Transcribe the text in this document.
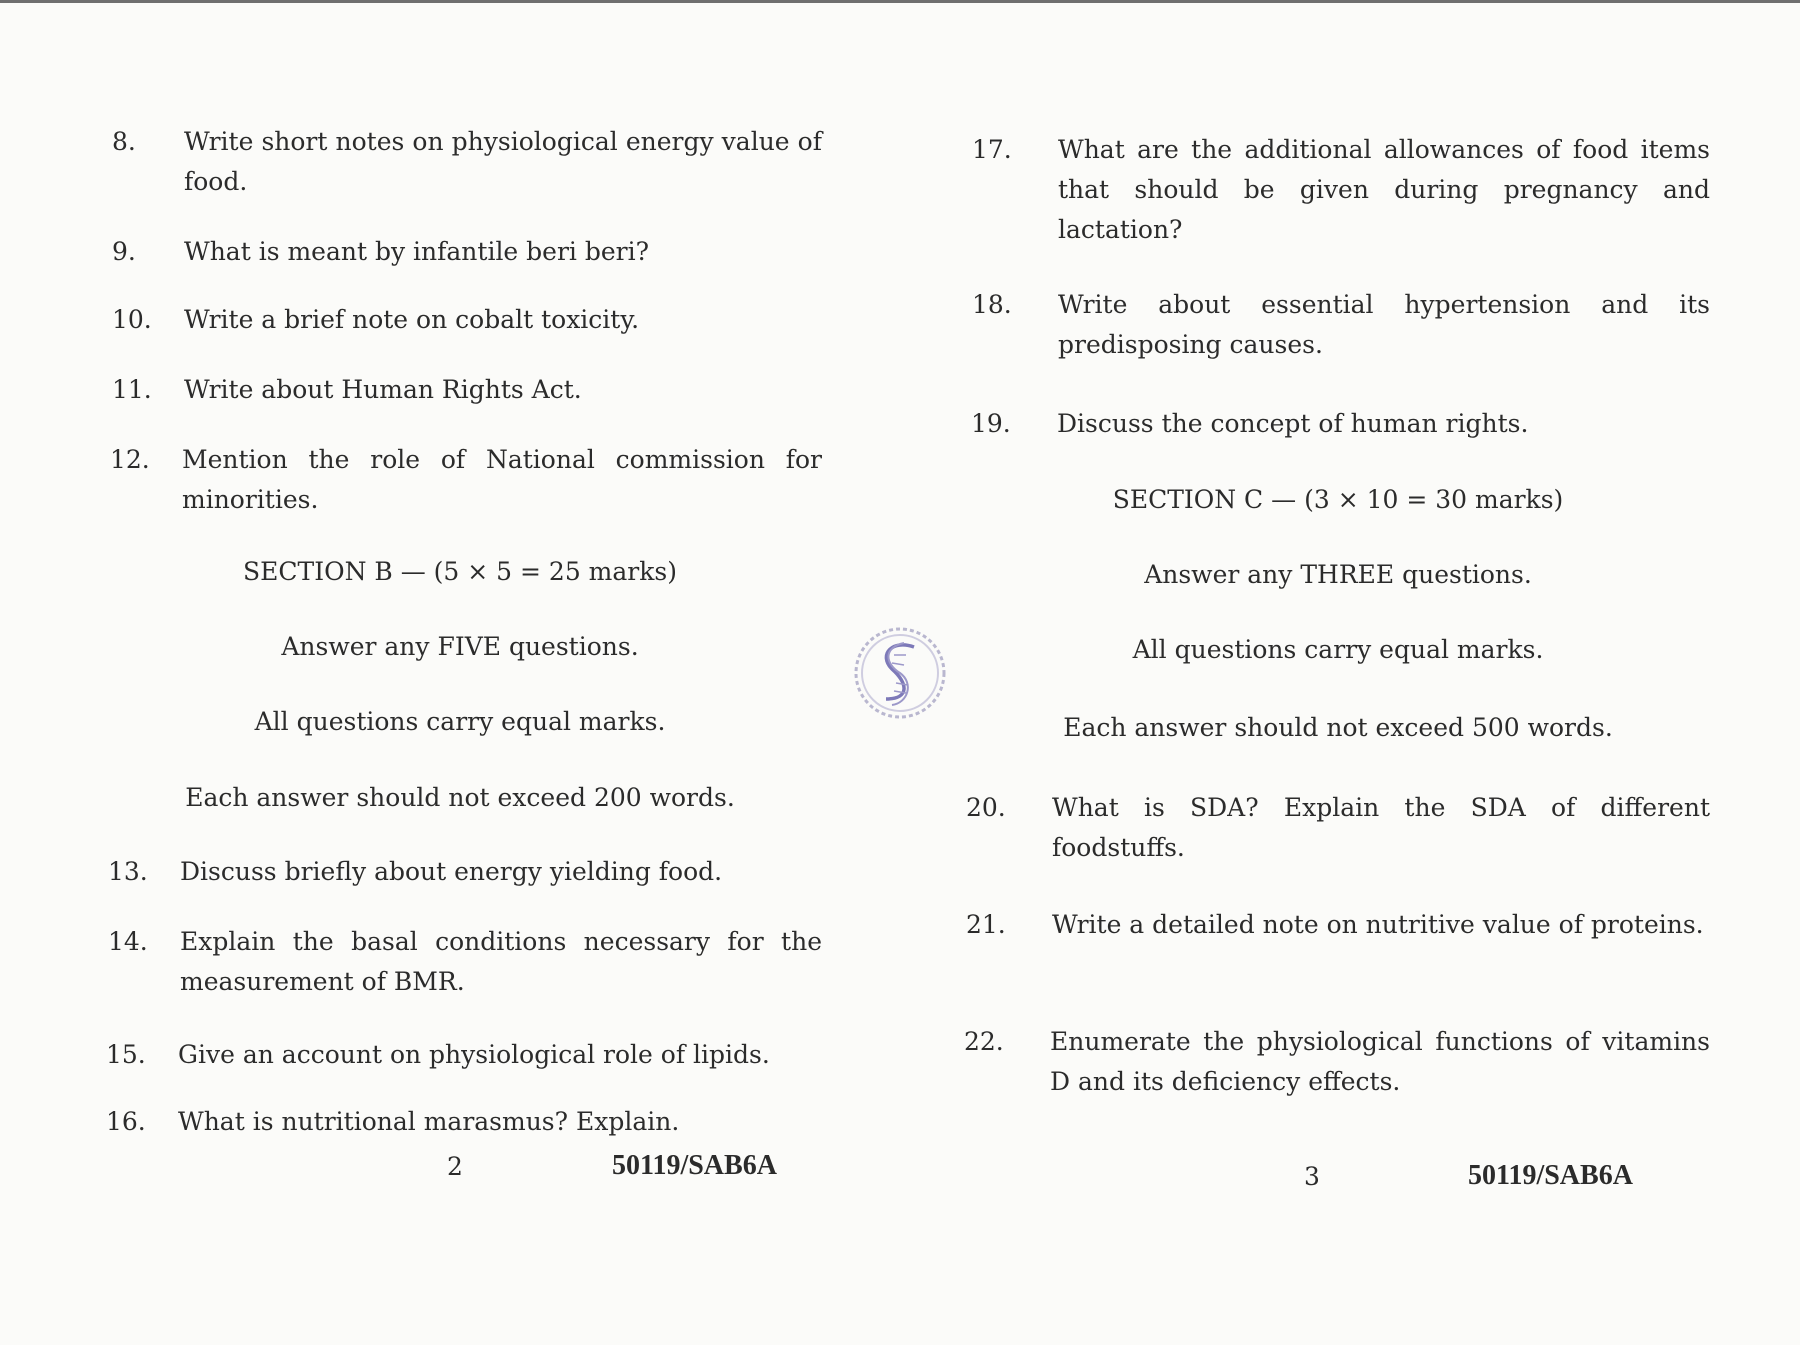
8.	Write short notes on physiological energy value of food.
9.	What is meant by infantile beri beri?
10.	Write a brief note on cobalt toxicity.
11.	Write about Human Rights Act.
12.	Mention the role of National commission for minorities.
SECTION B — (5 × 5 = 25 marks)
Answer any FIVE questions.
All questions carry equal marks.
Each answer should not exceed 200 words.
13.	Discuss briefly about energy yielding food.
14.	Explain the basal conditions necessary for the measurement of BMR.
15.	Give an account on physiological role of lipids.
16.	What is nutritional marasmus? Explain.
2	50119/SAB6A
17.	What are the additional allowances of food items that should be given during pregnancy and lactation?
18.	Write about essential hypertension and its predisposing causes.
19.	Discuss the concept of human rights.
SECTION C — (3 × 10 = 30 marks)
Answer any THREE questions.
All questions carry equal marks.
Each answer should not exceed 500 words.
20.	What is SDA? Explain the SDA of different foodstuffs.
21.	Write a detailed note on nutritive value of proteins.
22.	Enumerate the physiological functions of vitamins D and its deficiency effects.
3	50119/SAB6A
